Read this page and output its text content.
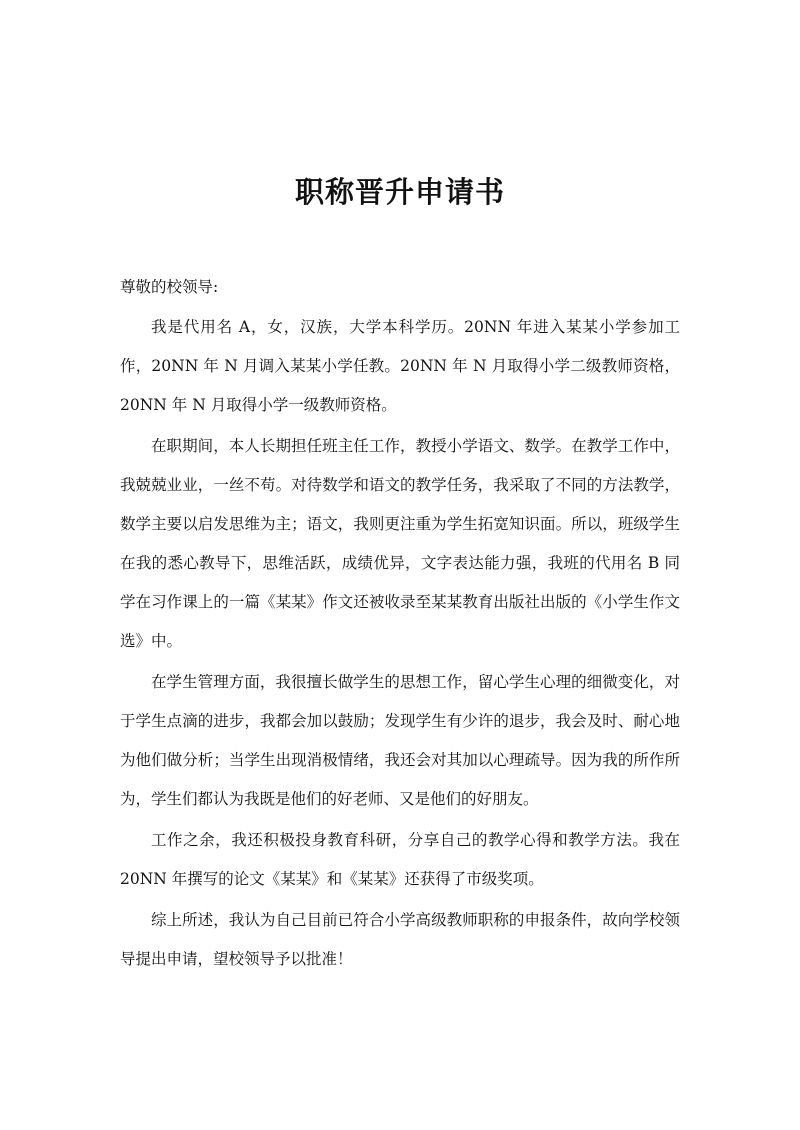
职称晋升申请书
尊敬的校领导:
我是代用名 A，女，汉族，大学本科学历。20NN 年进入某某小学参加工作，20NN 年 N 月调入某某小学任教。20NN 年 N 月取得小学二级教师资格，20NN 年 N 月取得小学一级教师资格。
在职期间，本人长期担任班主任工作，教授小学语文、数学。在教学工作中，我兢兢业业，一丝不苟。对待数学和语文的教学任务，我采取了不同的方法教学，数学主要以启发思维为主；语文，我则更注重为学生拓宽知识面。所以，班级学生在我的悉心教导下，思维活跃，成绩优异，文字表达能力强，我班的代用名 B 同学在习作课上的一篇《某某》作文还被收录至某某教育出版社出版的《小学生作文选》中。
在学生管理方面，我很擅长做学生的思想工作，留心学生心理的细微变化，对于学生点滴的进步，我都会加以鼓励；发现学生有少许的退步，我会及时、耐心地为他们做分析；当学生出现消极情绪，我还会对其加以心理疏导。因为我的所作所为，学生们都认为我既是他们的好老师、又是他们的好朋友。
工作之余，我还积极投身教育科研，分享自己的教学心得和教学方法。我在 20NN 年撰写的论文《某某》和《某某》还获得了市级奖项。
综上所述，我认为自己目前已符合小学高级教师职称的申报条件，故向学校领导提出申请，望校领导予以批准！
